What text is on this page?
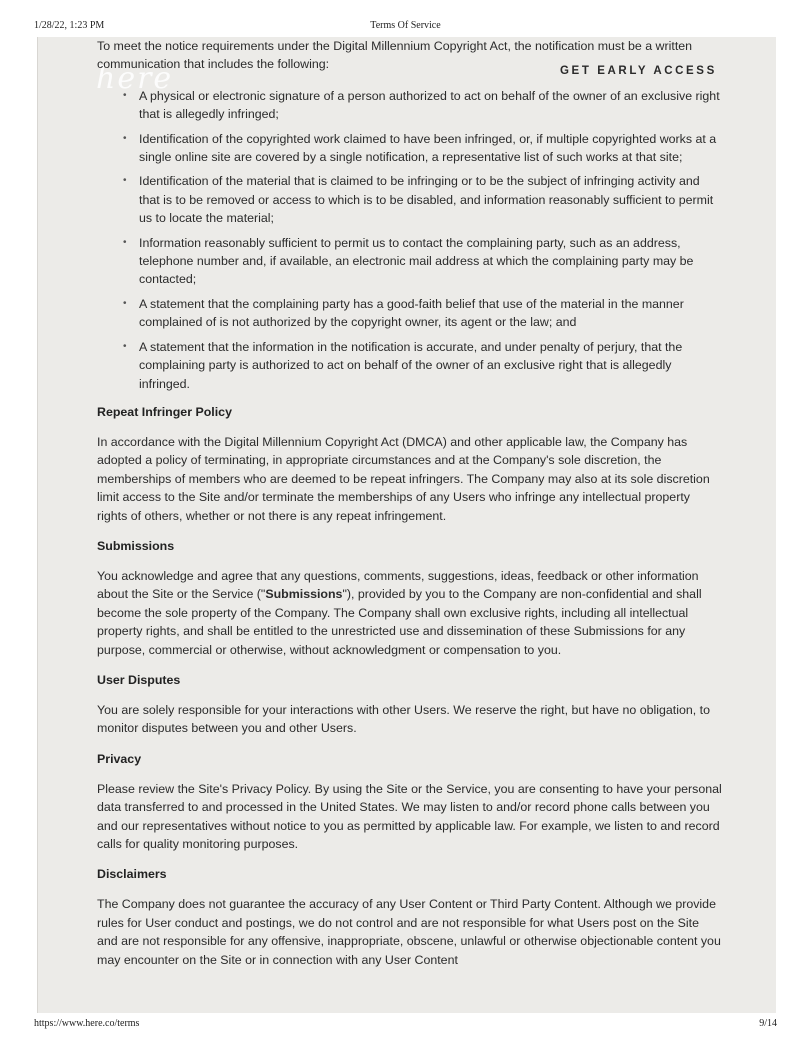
1/28/22, 1:23 PM	Terms Of Service
here	GET EARLY ACCESS

To meet the notice requirements under the Digital Millennium Copyright Act, the notification must be a written communication that includes the following:

• A physical or electronic signature of a person authorized to act on behalf of the owner of an exclusive right that is allegedly infringed;
• Identification of the copyrighted work claimed to have been infringed, or, if multiple copyrighted works at a single online site are covered by a single notification, a representative list of such works at that site;
• Identification of the material that is claimed to be infringing or to be the subject of infringing activity and that is to be removed or access to which is to be disabled, and information reasonably sufficient to permit us to locate the material;
• Information reasonably sufficient to permit us to contact the complaining party, such as an address, telephone number and, if available, an electronic mail address at which the complaining party may be contacted;
• A statement that the complaining party has a good-faith belief that use of the material in the manner complained of is not authorized by the copyright owner, its agent or the law; and
• A statement that the information in the notification is accurate, and under penalty of perjury, that the complaining party is authorized to act on behalf of the owner of an exclusive right that is allegedly infringed.
Repeat Infringer Policy

In accordance with the Digital Millennium Copyright Act (DMCA) and other applicable law, the Company has adopted a policy of terminating, in appropriate circumstances and at the Company's sole discretion, the memberships of members who are deemed to be repeat infringers. The Company may also at its sole discretion limit access to the Site and/or terminate the memberships of any Users who infringe any intellectual property rights of others, whether or not there is any repeat infringement.

Submissions

You acknowledge and agree that any questions, comments, suggestions, ideas, feedback or other information about the Site or the Service ("Submissions"), provided by you to the Company are non-confidential and shall become the sole property of the Company. The Company shall own exclusive rights, including all intellectual property rights, and shall be entitled to the unrestricted use and dissemination of these Submissions for any purpose, commercial or otherwise, without acknowledgment or compensation to you.

User Disputes

You are solely responsible for your interactions with other Users. We reserve the right, but have no obligation, to monitor disputes between you and other Users.

Privacy

Please review the Site's Privacy Policy. By using the Site or the Service, you are consenting to have your personal data transferred to and processed in the United States. We may listen to and/or record phone calls between you and our representatives without notice to you as permitted by applicable law. For example, we listen to and record calls for quality monitoring purposes.

Disclaimers

The Company does not guarantee the accuracy of any User Content or Third Party Content. Although we provide rules for User conduct and postings, we do not control and are not responsible for what Users post on the Site and are not responsible for any offensive, inappropriate, obscene, unlawful or otherwise objectionable content you may encounter on the Site or in connection with any User Content

https://www.here.co/terms	9/14
